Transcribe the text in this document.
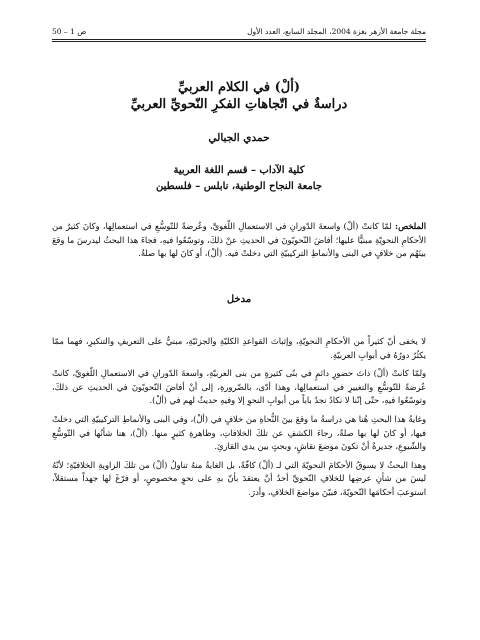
مجلة جامعة الأزهر بغزة 2004، المجلد السابع، العدد الأول
ص 1 – 50
(ألْ) في الكلام العربيِّ
دراسةٌ في اتّجاهاتِ الفكرِ النّحويِّ العربيِّ
حمدي الجبالي
كلية الآداب – قسم اللغة العربية
جامعة النجاح الوطنية، نابلس – فلسطين
الملخص: لمّا كانتْ (ألْ) واسعةَ الدّورانِ في الاستعمالِ اللّغويِّ، وعُرضةً للتّوسُّعِ في استعمالِها، وكانَ كثيرٌ من الأحكامِ النحويّةِ مبنيًّا عليها؛ أفاضَ النّحويّونَ في الحديثِ عنْ ذلكَ، وتوسّعُوا فيهِ، فجاءَ هذا البحثُ ليدرسَ ما وقعَ بينَهُم من خلافٍ في البنى والأنماطِ التركيبيّةِ التي دخلتْ فيه. (ألْ)، أو كانَ لها بها صلةٌ.
مدخل

لا يخفى أنّ كثيراً من الأحكامِ النحويّةِ، وإثباتَ القواعدِ الكليّةِ والجزئيّةِ، مبنيٌّ على التعريفِ والتنكيرِ، فهما ممّا يكثُرُ دورُهُ في أبوابِ العربيّةِ.

ولمّا كانتْ (ألْ) ذاتَ حضورٍ دائمٍ في بنًى كثيرةٍ من بنى العربيّةِ، واسعةَ الدّورانِ في الاستعمالِ اللّغويِّ، كانتْ عُرضةً للتّوسُّعِ والتغييرِ في استعمالِها، وهذا أدّى، بالضّرورةِ، إلى أنْ أفاضَ النّحويّونَ في الحديثِ عن ذلكَ، وتوسّعُوا فيهِ، حتّى إنّنا لا نكادُ نجدُ باباً من أبوابِ النحوِ إلا وفيهِ حديثٌ لهم في (ألْ).

وغايةُ هذا البحثِ هُنا هي دراسةُ ما وقعَ بينَ النُّحاةِ من خلافٍ في (ألْ)، وفي البنى والأنماطِ التركيبيّةِ التي دخلتْ فيها، أو كانَ لها بها صلةٌ، رجاءَ الكشفِ عن تلكَ الخلافاتِ، وظاهرةِ كثيرٍ منها. (ألْ)، هنا شأنُها في التّوسُّعِ والشّيوعِ، جديرةٌ أنْ تكونَ موضعَ نقاشٍ، وبحثٍ بين يدي القارئِ.

وهذا البحثُ لا يسوقُ الأحكامَ النحويّةَ التي لـ (ألْ) كافّةً، بل الغايةُ منهُ تناولُ (ألْ) من تلكَ الزاويةِ الخلافيّةِ؛ لأنّهُ ليسَ من شأنِ عرضِها للخلافِ النّحويِّ أحدُ أنْ يعتقدَ بأنّ بهِ على نحوٍ مخصوصٍ، أو فرّغَ لها جهداً مستقلاً، استوعبَ أحكامَها النّحويّةَ، فبيّنَ مواضعَ الخلافِ، وأدرَ.
